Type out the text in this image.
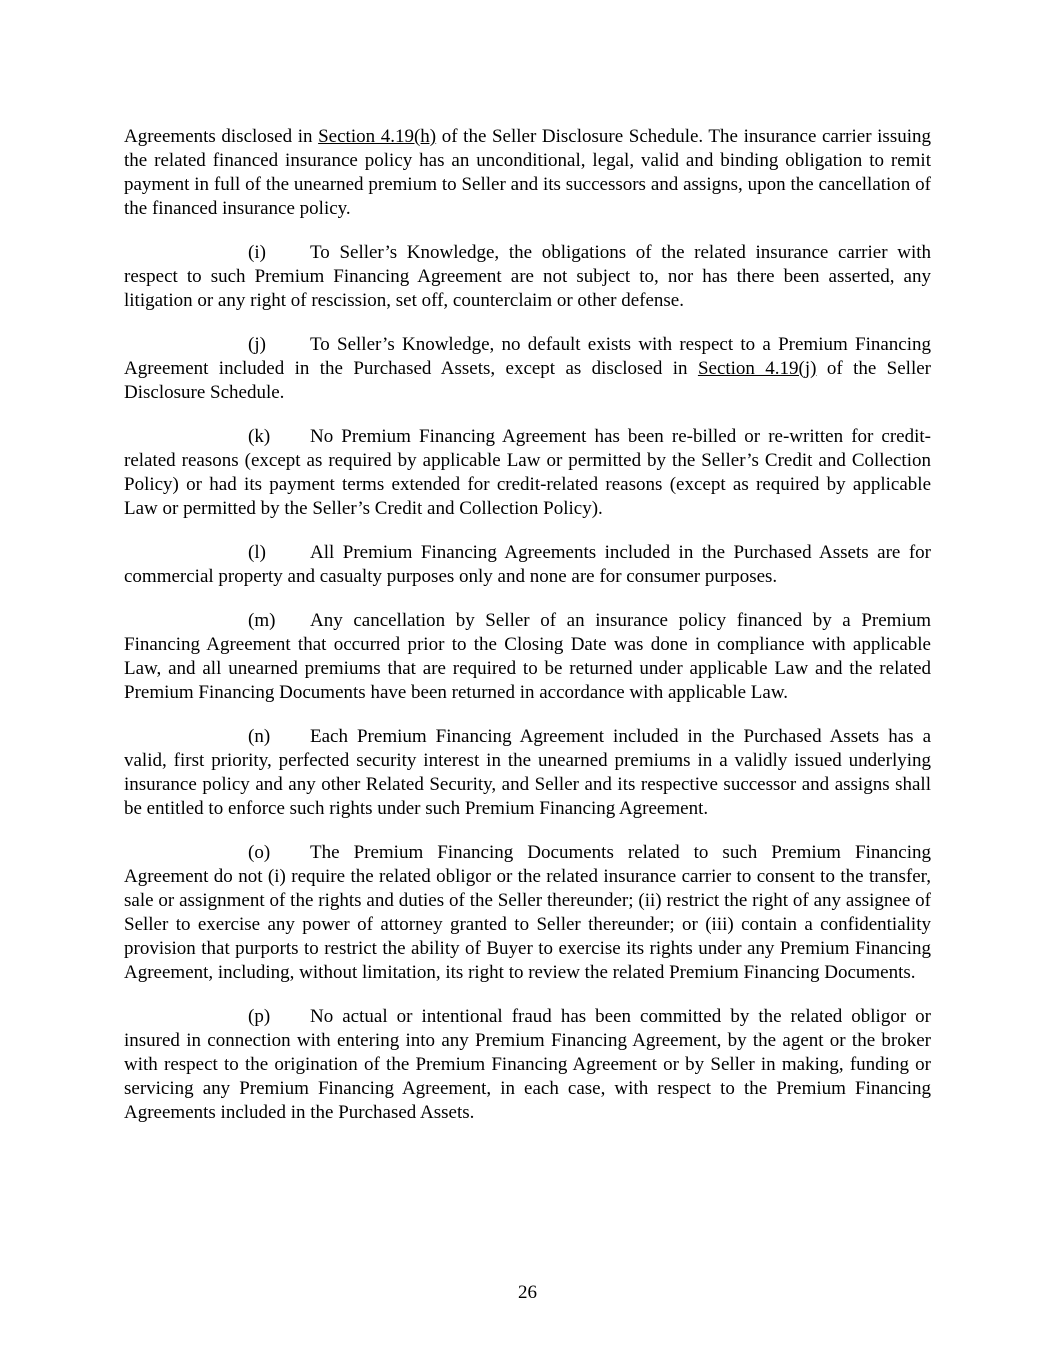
Agreements disclosed in Section 4.19(h) of the Seller Disclosure Schedule. The insurance carrier issuing the related financed insurance policy has an unconditional, legal, valid and binding obligation to remit payment in full of the unearned premium to Seller and its successors and assigns, upon the cancellation of the financed insurance policy.

(i) To Seller’s Knowledge, the obligations of the related insurance carrier with respect to such Premium Financing Agreement are not subject to, nor has there been asserted, any litigation or any right of rescission, set off, counterclaim or other defense.

(j) To Seller’s Knowledge, no default exists with respect to a Premium Financing Agreement included in the Purchased Assets, except as disclosed in Section 4.19(j) of the Seller Disclosure Schedule.

(k) No Premium Financing Agreement has been re-billed or re-written for credit-related reasons (except as required by applicable Law or permitted by the Seller’s Credit and Collection Policy) or had its payment terms extended for credit-related reasons (except as required by applicable Law or permitted by the Seller’s Credit and Collection Policy).

(l) All Premium Financing Agreements included in the Purchased Assets are for commercial property and casualty purposes only and none are for consumer purposes.

(m) Any cancellation by Seller of an insurance policy financed by a Premium Financing Agreement that occurred prior to the Closing Date was done in compliance with applicable Law, and all unearned premiums that are required to be returned under applicable Law and the related Premium Financing Documents have been returned in accordance with applicable Law.

(n) Each Premium Financing Agreement included in the Purchased Assets has a valid, first priority, perfected security interest in the unearned premiums in a validly issued underlying insurance policy and any other Related Security, and Seller and its respective successor and assigns shall be entitled to enforce such rights under such Premium Financing Agreement.

(o) The Premium Financing Documents related to such Premium Financing Agreement do not (i) require the related obligor or the related insurance carrier to consent to the transfer, sale or assignment of the rights and duties of the Seller thereunder; (ii) restrict the right of any assignee of Seller to exercise any power of attorney granted to Seller thereunder; or (iii) contain a confidentiality provision that purports to restrict the ability of Buyer to exercise its rights under any Premium Financing Agreement, including, without limitation, its right to review the related Premium Financing Documents.

(p) No actual or intentional fraud has been committed by the related obligor or insured in connection with entering into any Premium Financing Agreement, by the agent or the broker with respect to the origination of the Premium Financing Agreement or by Seller in making, funding or servicing any Premium Financing Agreement, in each case, with respect to the Premium Financing Agreements included in the Purchased Assets.

26
